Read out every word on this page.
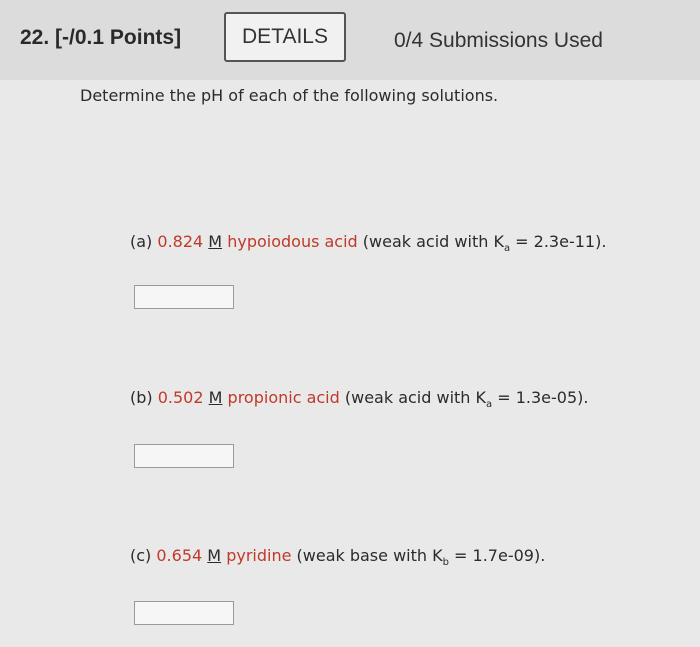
22. [-/0.1 Points]	DETAILS	0/4 Submissions Used
Determine the pH of each of the following solutions.
(a) 0.824 M hypoiodous acid (weak acid with $K_a = 2.3e-11$).
(b) 0.502 M propionic acid (weak acid with $K_a = 1.3e-05$).
(c) 0.654 M pyridine (weak base with $K_b = 1.7e-09$).
